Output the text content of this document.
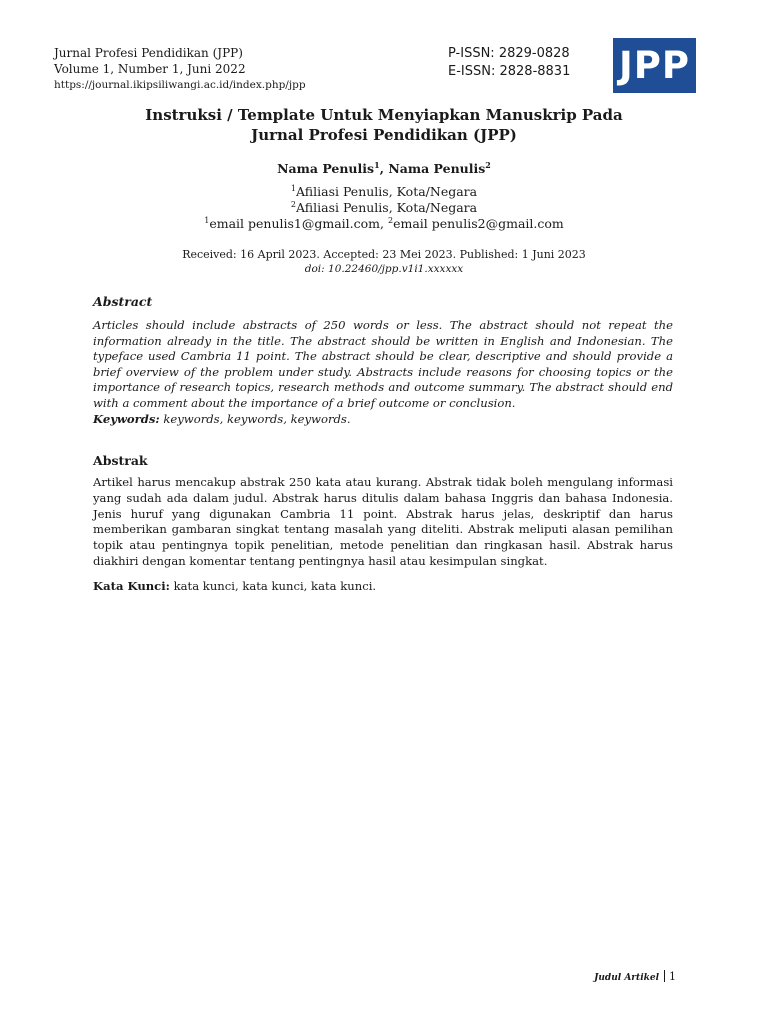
Jurnal Profesi Pendidikan (JPP)
Volume 1, Number 1, Juni 2022
https://journal.ikipsiliwangi.ac.id/index.php/jpp
P-ISSN: 2829-0828
E-ISSN: 2828-8831 JPP
Instruksi / Template Untuk Menyiapkan Manuskrip Pada
Jurnal Profesi Pendidikan (JPP)
Nama Penulis$^1$, Nama Penulis$^2$
$^1$Afiliasi Penulis, Kota/Negara
$^2$Afiliasi Penulis, Kota/Negara
$^1$email penulis1@gmail.com, $^2$email penulis2@gmail.com
Received: 16 April 2023. Accepted: 23 Mei 2023. Published: 1 Juni 2023
doi: 10.22460/jpp.v1i1.xxxxxx
Abstract
Articles should include abstracts of 250 words or less. The abstract should not repeat the information already in the title. The abstract should be written in English and Indonesian. The typeface used Cambria 11 point. The abstract should be clear, descriptive and should provide a brief overview of the problem under study. Abstracts include reasons for choosing topics or the importance of research topics, research methods and outcome summary. The abstract should end with a comment about the importance of a brief outcome or conclusion.
Keywords: keywords, keywords, keywords.
Abstrak
Artikel harus mencakup abstrak 250 kata atau kurang. Abstrak tidak boleh mengulang informasi yang sudah ada dalam judul. Abstrak harus ditulis dalam bahasa Inggris dan bahasa Indonesia. Jenis huruf yang digunakan Cambria 11 point. Abstrak harus jelas, deskriptif dan harus memberikan gambaran singkat tentang masalah yang diteliti. Abstrak meliputi alasan pemilihan topik atau pentingnya topik penelitian, metode penelitian dan ringkasan hasil. Abstrak harus diakhiri dengan komentar tentang pentingnya hasil atau kesimpulan singkat.
Kata Kunci: kata kunci, kata kunci, kata kunci.
Judul Artikel 1
